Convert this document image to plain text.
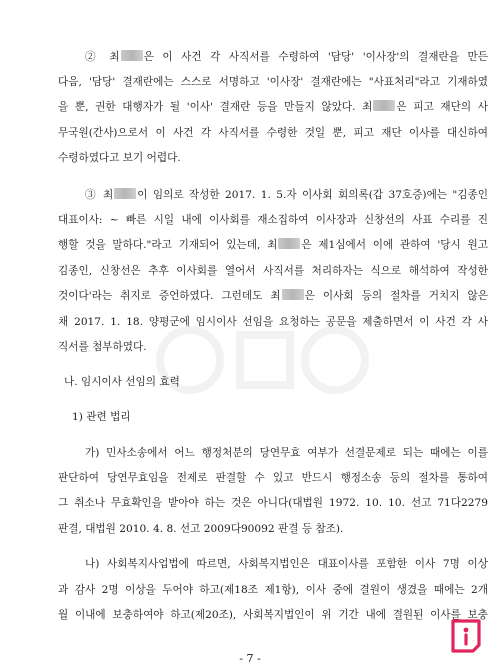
② 최 은 이 사건 각 사직서를 수령하여 '담당' '이사장'의 결재란을 만든
다음, '담당' 결재란에는 스스로 서명하고 '이사장' 결재란에는 "사표처리"라고 기재하였
을 뿐, 권한 대행자가 될 '이사' 결재란 등을 만들지 않았다. 최 은 피고 재단의 사
무국원(간사)으로서 이 사건 각 사직서를 수령한 것일 뿐, 피고 재단 이사를 대신하여
수령하였다고 보기 어렵다.
③ 최 이 임의로 작성한 2017. 1. 5.자 이사회 회의록(갑 37호증)에는 "김종인
대표이사: ~ 빠른 시일 내에 이사회를 재소집하여 이사장과 신창선의 사표 수리를 진
행할 것을 말하다."라고 기재되어 있는데, 최 은 제1심에서 이에 관하여 '당시 원고
김종인, 신창선은 추후 이사회를 열어서 사직서를 처리하자는 식으로 해석하여 작성한
것이다'라는 취지로 증언하였다. 그런데도 최 은 이사회 등의 절차를 거치지 않은
채 2017. 1. 18. 양평군에 임시이사 선임을 요청하는 공문을 제출하면서 이 사건 각 사
직서를 첨부하였다.
나. 임시이사 선임의 효력
1) 관련 법리
가) 민사소송에서 어느 행정처분의 당연무효 여부가 선결문제로 되는 때에는 이를
판단하여 당연무효임을 전제로 판결할 수 있고 반드시 행정소송 등의 절차를 통하여
그 취소나 무효확인을 받아야 하는 것은 아니다(대법원 1972. 10. 10. 선고 71다2279
판결, 대법원 2010. 4. 8. 선고 2009다90092 판결 등 참조).
나) 사회복지사업법에 따르면, 사회복지법인은 대표이사를 포함한 이사 7명 이상
과 감사 2명 이상을 두어야 하고(제18조 제1항), 이사 중에 결원이 생겼을 때에는 2개
월 이내에 보충하여야 하고(제20조), 사회복지법인이 위 기간 내에 결원된 이사를 보충
- 7 -
